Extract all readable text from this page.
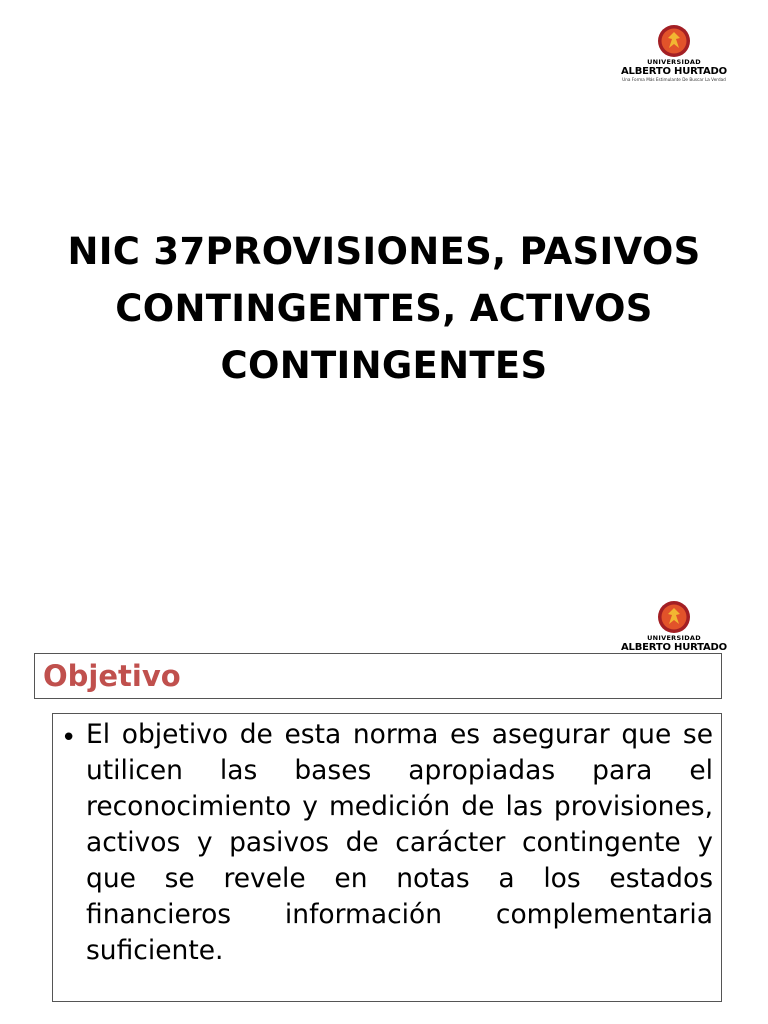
UNIVERSIDAD
ALBERTO HURTADO
Una Forma Más Estimulante De Buscar La Verdad
NIC 37PROVISIONES, PASIVOS CONTINGENTES, ACTIVOS CONTINGENTES
UNIVERSIDAD
ALBERTO HURTADO
Objetivo
• El objetivo de esta norma es asegurar que se utilicen las bases apropiadas para el reconocimiento y medición de las provisiones, activos y pasivos de carácter contingente y que se revele en notas a los estados financieros información complementaria suficiente.
